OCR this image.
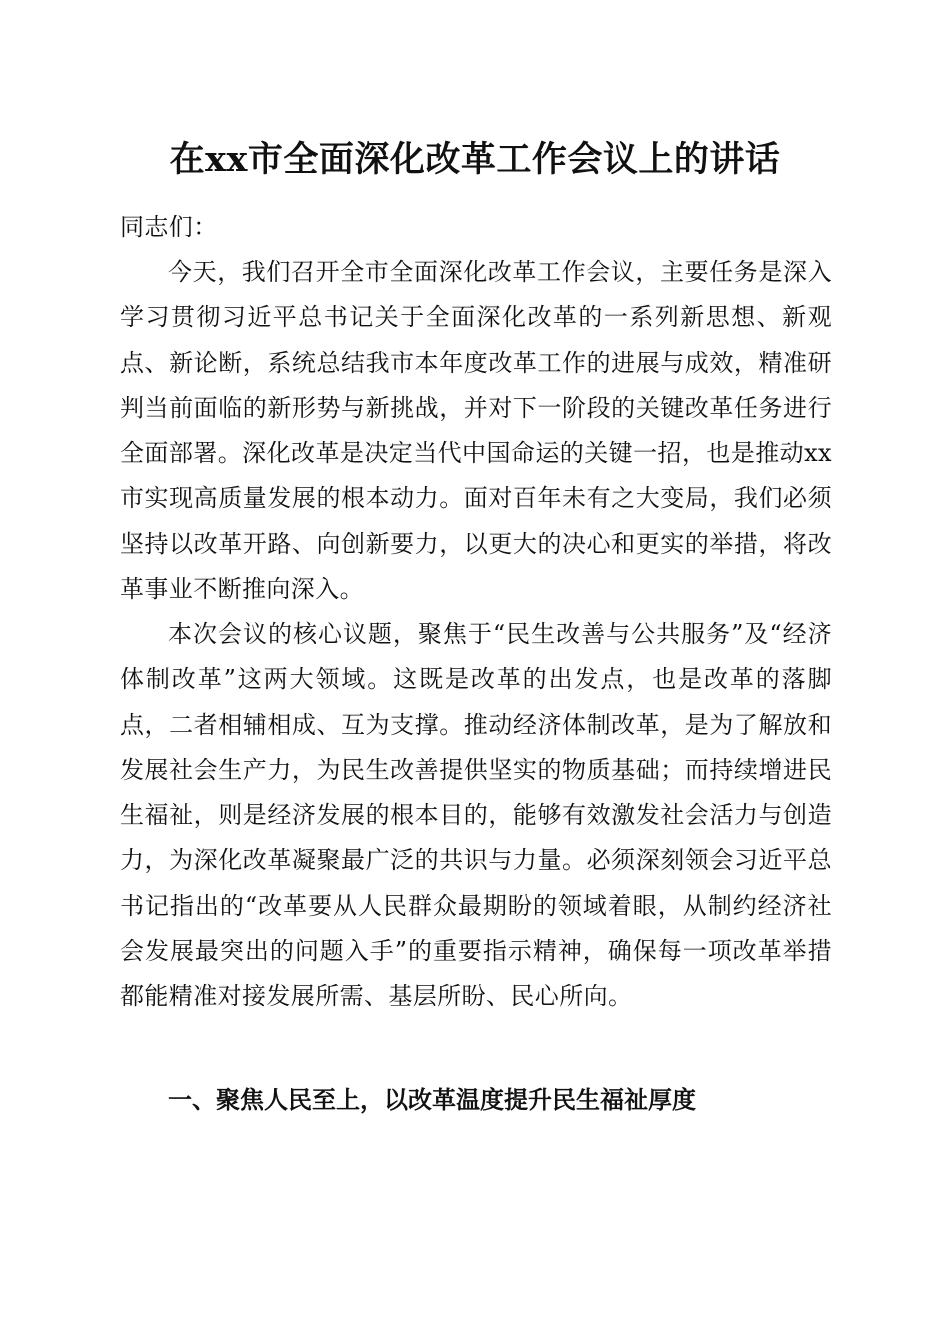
在xx市全面深化改革工作会议上的讲话

同志们：

今天，我们召开全市全面深化改革工作会议，主要任务是深入学习贯彻习近平总书记关于全面深化改革的一系列新思想、新观点、新论断，系统总结我市本年度改革工作的进展与成效，精准研判当前面临的新形势与新挑战，并对下一阶段的关键改革任务进行全面部署。深化改革是决定当代中国命运的关键一招，也是推动xx市实现高质量发展的根本动力。面对百年未有之大变局，我们必须坚持以改革开路、向创新要力，以更大的决心和更实的举措，将改革事业不断推向深入。

本次会议的核心议题，聚焦于“民生改善与公共服务”及“经济体制改革”这两大领域。这既是改革的出发点，也是改革的落脚点，二者相辅相成、互为支撑。推动经济体制改革，是为了解放和发展社会生产力，为民生改善提供坚实的物质基础；而持续增进民生福祉，则是经济发展的根本目的，能够有效激发社会活力与创造力，为深化改革凝聚最广泛的共识与力量。必须深刻领会习近平总书记指出的“改革要从人民群众最期盼的领域着眼，从制约经济社会发展最突出的问题入手”的重要指示精神，确保每一项改革举措都能精准对接发展所需、基层所盼、民心所向。

一、聚焦人民至上，以改革温度提升民生福祉厚度
